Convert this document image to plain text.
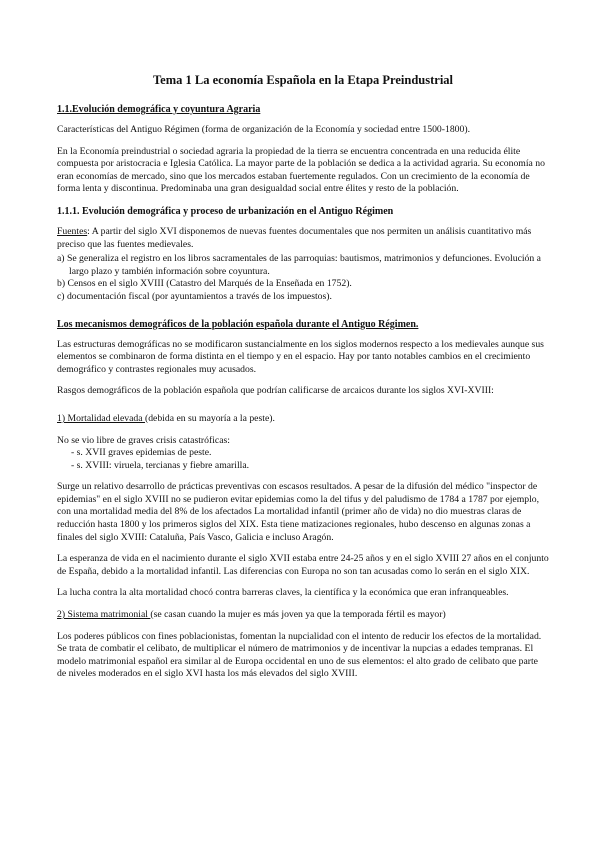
Tema 1 La economía Española en la Etapa Preindustrial
1.1.Evolución demográfica y coyuntura Agraria

Características del Antiguo Régimen (forma de organización de la Economía y sociedad entre 1500-1800).

En la Economía preindustrial o sociedad agraria la propiedad de la tierra se encuentra concentrada en una reducida élite compuesta por aristocracia e Iglesia Católica. La mayor parte de la población se dedica a la actividad agraria. Su economía no eran economías de mercado, sino que los mercados estaban fuertemente regulados. Con un crecimiento de la economía de forma lenta y discontinua. Predominaba una gran desigualdad social entre élites y resto de la población.

1.1.1. Evolución demográfica y proceso de urbanización en el Antiguo Régimen

Fuentes: A partir del siglo XVI disponemos de nuevas fuentes documentales que nos permiten un análisis cuantitativo más preciso que las fuentes medievales.

a) Se generaliza el registro en los libros sacramentales de las parroquias: bautismos, matrimonios y defunciones. Evolución a largo plazo y también información sobre coyuntura.
b) Censos en el siglo XVIII (Catastro del Marqués de la Enseñada en 1752).
c) documentación fiscal (por ayuntamientos a través de los impuestos).
Los mecanismos demográficos de la población española durante el Antiguo Régimen.

Las estructuras demográficas no se modificaron sustancialmente en los siglos modernos respecto a los medievales aunque sus elementos se combinaron de forma distinta en el tiempo y en el espacio. Hay por tanto notables cambios en el crecimiento demográfico y contrastes regionales muy acusados.

Rasgos demográficos de la población española que podrían calificarse de arcaicos durante los siglos XVI-XVIII:

1) Mortalidad elevada (debida en su mayoría a la peste).

No se vio libre de graves crisis catastróficas:

- s. XVII graves epidemias de peste.
- s. XVIII: viruela, tercianas y fiebre amarilla.

Surge un relativo desarrollo de prácticas preventivas con escasos resultados. A pesar de la difusión del médico "inspector de epidemias" en el siglo XVIII no se pudieron evitar epidemias como la del tifus y del paludismo de 1784 a 1787 por ejemplo, con una mortalidad media del 8% de los afectados La mortalidad infantil (primer año de vida) no dio muestras claras de reducción hasta 1800 y los primeros siglos del XIX. Esta tiene matizaciones regionales, hubo descenso en algunas zonas a finales del siglo XVIII: Cataluña, País Vasco, Galicia e incluso Aragón.

La esperanza de vida en el nacimiento durante el siglo XVII estaba entre 24-25 años y en el siglo XVIII 27 años en el conjunto de España, debido a la mortalidad infantil. Las diferencias con Europa no son tan acusadas como lo serán en el siglo XIX.

La lucha contra la alta mortalidad chocó contra barreras claves, la científica y la económica que eran infranqueables.

2) Sistema matrimonial (se casan cuando la mujer es más joven ya que la temporada fértil es mayor)

Los poderes públicos con fines poblacionistas, fomentan la nupcialidad con el intento de reducir los efectos de la mortalidad. Se trata de combatir el celibato, de multiplicar el número de matrimonios y de incentivar la nupcias a edades tempranas. El modelo matrimonial español era similar al de Europa occidental en uno de sus elementos: el alto grado de celibato que parte de niveles moderados en el siglo XVI hasta los más elevados del siglo XVIII.
